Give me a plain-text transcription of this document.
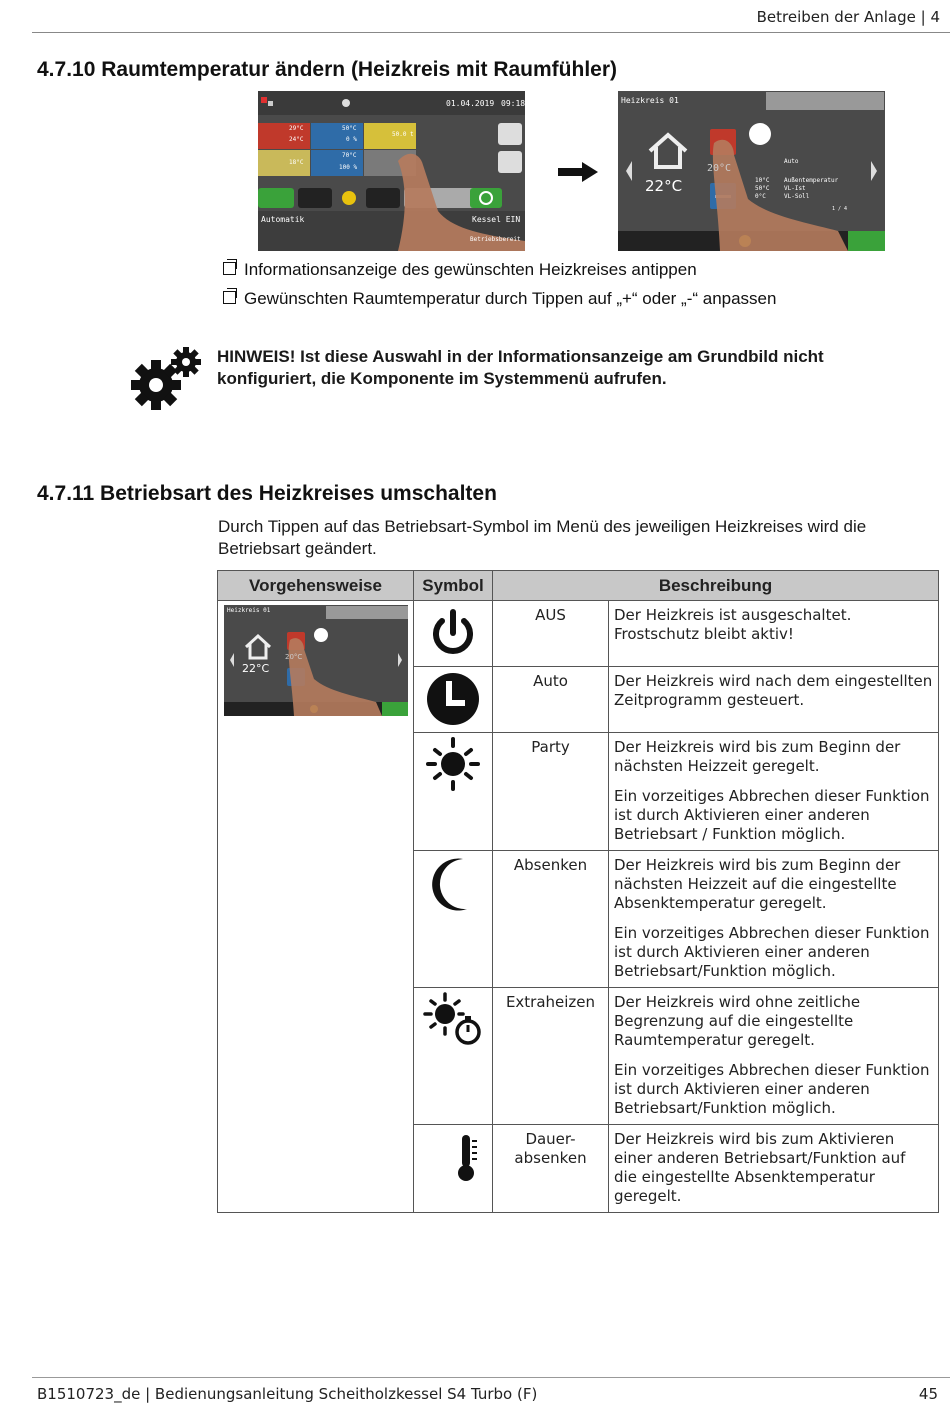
Betreiben der Anlage | 4
4.7.10 Raumtemperatur ändern (Heizkreis mit Raumfühler)
01.04.2019 09:18
29°C
24°C
50°C
0 %
50.0 t
18°C
70°C
100 %
Automatik	Kessel EIN
Betriebsbereit
Heizkreis 01
22°C
20°C
Auto
Außentemperatur
VL-Ist
VL-Soll
10°C
50°C
0°C
1 / 4
Informationsanzeige des gewünschten Heizkreises antippen
Gewünschten Raumtemperatur durch Tippen auf „+“ oder „-“ anpassen
HINWEIS! Ist diese Auswahl in der Informationsanzeige am Grundbild nicht konfiguriert, die Komponente im Systemmenü aufrufen.
4.7.11 Betriebsart des Heizkreises umschalten
Durch Tippen auf das Betriebsart-Symbol im Menü des jeweiligen Heizkreises wird die Betriebsart geändert.
Vorgehensweise	Symbol	Beschreibung	

Heizkreis 01
22°C
20°C		AUS	Der Heizkreis ist ausgeschaltet. Frostschutz bleibt aktiv!

	Auto	Der Heizkreis wird nach dem eingestellten Zeitprogramm gesteuert.

	Party	Der Heizkreis wird bis zum Beginn der nächsten Heizzeit geregelt.

Ein vorzeitiges Abbrechen dieser Funktion ist durch Aktivieren einer anderen Betriebsart / Funktion möglich.

	Absenken	Der Heizkreis wird bis zum Beginn der nächsten Heizzeit auf die eingestellte Absenktemperatur geregelt.

Ein vorzeitiges Abbrechen dieser Funktion ist durch Aktivieren einer anderen Betriebsart/Funktion möglich.

	Extraheizen	Der Heizkreis wird ohne zeitliche Begrenzung auf die eingestellte Raumtemperatur geregelt.

Ein vorzeitiges Abbrechen dieser Funktion ist durch Aktivieren einer anderen Betriebsart/Funktion möglich.

	Dauer-
absenken	Der Heizkreis wird bis zum Aktivieren einer anderen Betriebsart/Funktion auf die eingestellte Absenktemperatur geregelt.

B1510723_de | Bedienungsanleitung Scheitholzkessel S4 Turbo (F)	45
